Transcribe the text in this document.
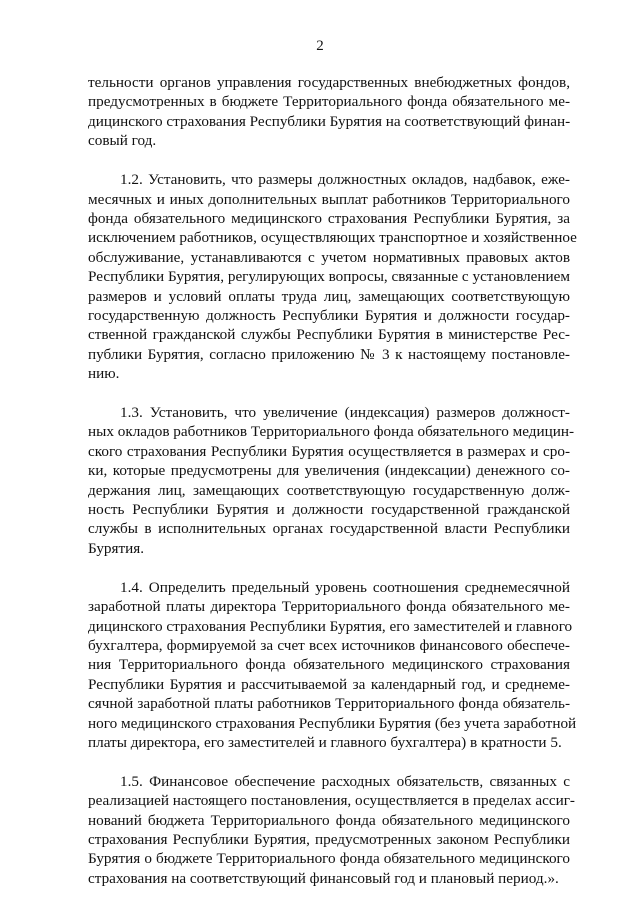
2
тельности органов управления государственных внебюджетных фондов,
предусмотренных в бюджете Территориального фонда обязательного ме-
дицинского страхования Республики Бурятия на соответствующий финан-
совый год.
1.2. Установить, что размеры должностных окладов, надбавок, еже-
месячных и иных дополнительных выплат работников Территориального
фонда обязательного медицинского страхования Республики Бурятия, за
исключением работников, осуществляющих транспортное и хозяйственное
обслуживание, устанавливаются с учетом нормативных правовых актов
Республики Бурятия, регулирующих вопросы, связанные с установлением
размеров и условий оплаты труда лиц, замещающих соответствующую
государственную должность Республики Бурятия и должности государ-
ственной гражданской службы Республики Бурятия в министерстве Рес-
публики Бурятия, согласно приложению № 3 к настоящему постановле-
нию.
1.3. Установить, что увеличение (индексация) размеров должност-
ных окладов работников Территориального фонда обязательного медицин-
ского страхования Республики Бурятия осуществляется в размерах и сро-
ки, которые предусмотрены для увеличения (индексации) денежного со-
держания лиц, замещающих соответствующую государственную долж-
ность Республики Бурятия и должности государственной гражданской
службы в исполнительных органах государственной власти Республики
Бурятия.
1.4. Определить предельный уровень соотношения среднемесячной
заработной платы директора Территориального фонда обязательного ме-
дицинского страхования Республики Бурятия, его заместителей и главного
бухгалтера, формируемой за счет всех источников финансового обеспече-
ния Территориального фонда обязательного медицинского страхования
Республики Бурятия и рассчитываемой за календарный год, и среднеме-
сячной заработной платы работников Территориального фонда обязатель-
ного медицинского страхования Республики Бурятия (без учета заработной
платы директора, его заместителей и главного бухгалтера) в кратности 5.
1.5. Финансовое обеспечение расходных обязательств, связанных с
реализацией настоящего постановления, осуществляется в пределах ассиг-
нований бюджета Территориального фонда обязательного медицинского
страхования Республики Бурятия, предусмотренных законом Республики
Бурятия о бюджете Территориального фонда обязательного медицинского
страхования на соответствующий финансовый год и плановый период.».
